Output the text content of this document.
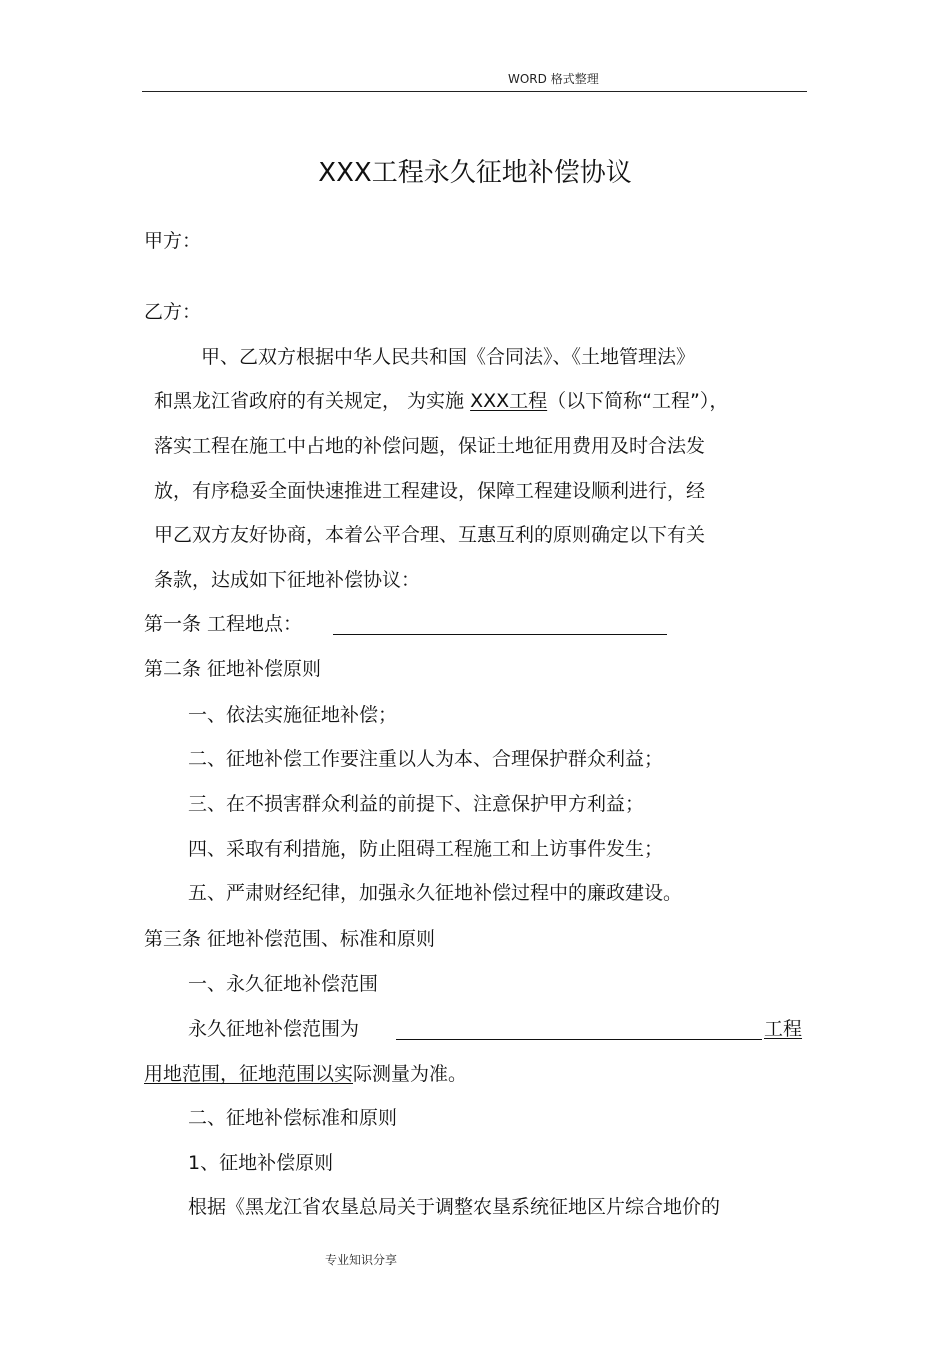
WORD 格式整理
XXX工程永久征地补偿协议
甲方：
乙方：
甲、乙双方根据中华人民共和国《合同法》、《土地管理法》
和黑龙江省政府的有关规定， 为实施 XXX工程（以下简称“工程”），
落实工程在施工中占地的补偿问题，保证土地征用费用及时合法发
放，有序稳妥全面快速推进工程建设，保障工程建设顺利进行，经
甲乙双方友好协商，本着公平合理、互惠互利的原则确定以下有关
条款，达成如下征地补偿协议：
第一条 工程地点：
第二条 征地补偿原则
一、依法实施征地补偿；
二、征地补偿工作要注重以人为本、合理保护群众利益；
三、在不损害群众利益的前提下、注意保护甲方利益；
四、采取有利措施，防止阻碍工程施工和上访事件发生；
五、严肃财经纪律，加强永久征地补偿过程中的廉政建设。
第三条 征地补偿范围、标准和原则
一、永久征地补偿范围
永久征地补偿范围为	工程
用地范围，征地范围以实际测量为准。
二、征地补偿标准和原则
1、征地补偿原则
根据《黑龙江省农垦总局关于调整农垦系统征地区片综合地价的
专业知识分享
